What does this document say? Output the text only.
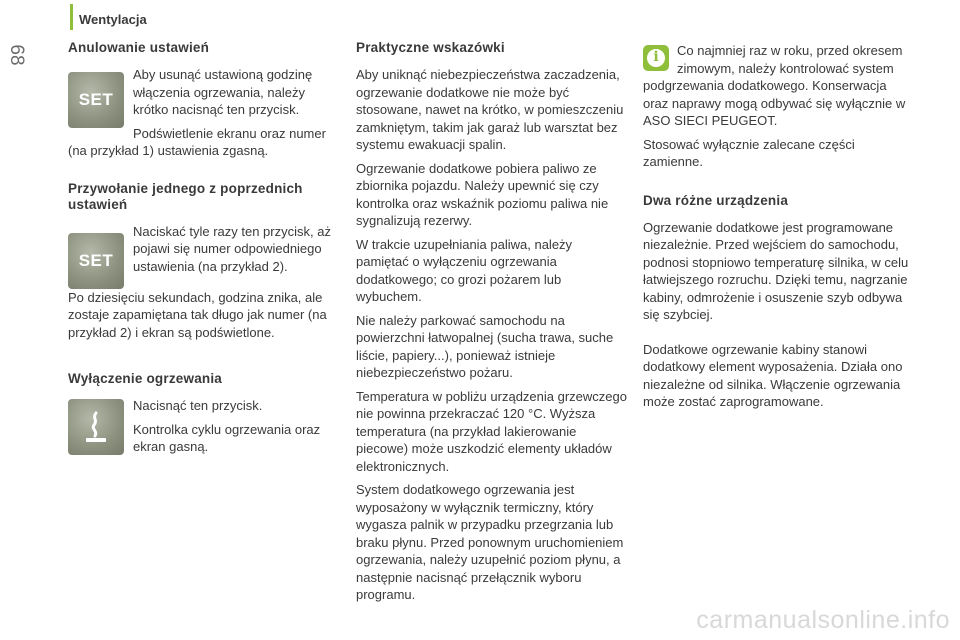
68
Wentylacja
Anulowanie ustawień
SET

Aby usunąć ustawioną godzinę włączenia ogrzewania, należy krótko nacisnąć ten przycisk.

Podświetlenie ekranu oraz numer

(na przykład 1) ustawienia zgasną.

Przywołanie jednego z poprzednich ustawień
SET

Naciskać tyle razy ten przycisk, aż pojawi się numer odpowiedniego ustawienia (na przykład 2).

Po dziesięciu sekundach, godzina znika, ale zostaje zapamiętana tak długo jak numer (na przykład 2) i ekran są podświetlone.

Wyłączenie ogrzewania

Nacisnąć ten przycisk.

Kontrolka cyklu ogrzewania oraz ekran gasną.

Praktyczne wskazówki

Aby uniknąć niebezpieczeństwa zaczadzenia, ogrzewanie dodatkowe nie może być stosowane, nawet na krótko, w pomieszczeniu zamkniętym, takim jak garaż lub warsztat bez systemu ewakuacji spalin.

Ogrzewanie dodatkowe pobiera paliwo ze zbiornika pojazdu. Należy upewnić się czy kontrolka oraz wskaźnik poziomu paliwa nie sygnalizują rezerwy.

W trakcie uzupełniania paliwa, należy pamiętać o wyłączeniu ogrzewania dodatkowego; co grozi pożarem lub wybuchem.

Nie należy parkować samochodu na powierzchni łatwopalnej (sucha trawa, suche liście, papiery...), ponieważ istnieje niebezpieczeństwo pożaru.

Temperatura w pobliżu urządzenia grzewczego nie powinna przekraczać 120 °C. Wyższa temperatura (na przykład lakierowanie piecowe) może uszkodzić elementy układów elektronicznych.

System dodatkowego ogrzewania jest wyposażony w wyłącznik termiczny, który wygasza palnik w przypadku przegrzania lub braku płynu. Przed ponownym uruchomieniem ogrzewania, należy uzupełnić poziom płynu, a następnie nacisnąć przełącznik wyboru programu.

i	Co najmniej raz w roku, przed okresem zimowym, należy kontrolować system podgrzewania dodatkowego. Konserwacja oraz naprawy mogą odbywać się wyłącznie w ASO SIECI PEUGEOT.

Stosować wyłącznie zalecane części zamienne.

Dwa różne urządzenia

Ogrzewanie dodatkowe jest programowane niezależnie. Przed wejściem do samochodu, podnosi stopniowo temperaturę silnika, w celu łatwiejszego rozruchu. Dzięki temu, nagrzanie kabiny, odmrożenie i osuszenie szyb odbywa się szybciej.

Dodatkowe ogrzewanie kabiny stanowi dodatkowy element wyposażenia. Działa ono niezależne od silnika. Włączenie ogrzewania może zostać zaprogramowane.

carmanualsonline.info
